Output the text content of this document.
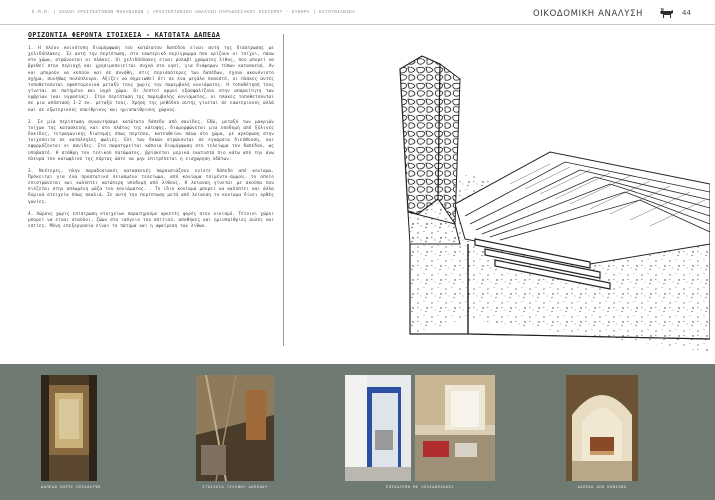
Ε.Μ.Π. | ΣΧΟΛΗ ΑΡΧΙΤΕΚΤΟΝΩΝ ΜΗΧΑΝΙΚΩΝ | ΑΡΧΙΤΕΚΤΟΝΙΚΗ ΑΝΑΛΥΣΗ ΠΑΡΑΔΟΣΙΑΚΟΥ ΟΙΚΙΣΜΟΥ - ΚΥΘΗΡΑ | ΚΑΤΟΥΝΙΑΝΙΚΑ	ΟΙΚΟΔΟΜΙΚΗ ΑΝΑΛΥΣΗ	44
ΟΡΙΖΟΝΤΙΑ ΦΕΡΟΝΤΑ ΣΤΟΙΧΕΙΑ - ΚΑΤΩΤΑΤΑ ΔΑΠΕΔΑ

1. Η πλέον κοινότυπη διαμόρφωση του κατώτατου δαπέδου είναι αυτή της διάστρωσης με χελιδόπλακες. Σε αυτή την περίπτωση, στο εσωτερικό περίγραμμα που ορίζουν οι τοίχοι, πάνω στο χώμα, στρώνονται οι πλάκες. Οι χελιδόπλακες είναι μολαβί χρώματος λίθος, που μπορεί να βρεθεί στην περιοχή και χρησιμοποιείται συχνά στο νησί, για διάφορων τύπων κατασκευή. Αν και μπορούν να κοπούν και σε συνήθη, στις περισσότερες των δαπέδων, έχουν ακανόνιστο σχήμα, συνήθως πολύπλευρο. Αξίζει να σημειωθεί ότι σε ένα μεγάλο ποσοστό, οι πλάκες αυτές τοποθετούνται εφαπτομενικά μεταξύ τους χωρίς την παρεμβολή κονιάματος. Η τοποθέτησή τους γίνεται σε πατημένο και υγρό χώμα. Οι λεπτοί αρμοί εξασφαλίζουν στην απαραίτητη των ομβρίων (και υγρασίας). Στην περίπτωση της παρεμβολής κονιάματος, οι πλάκες τοποθετούνται σε μια απόσταση 1-2 εκ. μεταξύ τους. Χρήση της μεθόδου αυτής γίνεται σε εσωτερικούς αλλά και σε εξωτερικούς υπαίθριους και ημιυπαίθριους χώρους.

2. Σε μία περίπτωση συναντήσαμε κατώτατο δάπεδο από σανίδες. Εδώ, μεταξύ των μακριών τοίχων της κατασκευής και στο πλάτος της κάτοψης, διαμορφώνεται μια υποδομή από ξύλινες δοκίδες, τετραγωνικής διατομής όπως περίπου, κατευθείαν πάνω στο χώμα, με αγκύρωση στην τοιχοποιία σε κατάλληλες φωλιές. Επί των δοκών στρώνονται σε εγκάρσια διεύθυνση, και εφαρμόζονται οι σανίδες. Στο παρατηρείται κάποια διαμόρφωση στο τελείωμα του δαπέδου, ως υποβαστό. Η στάθμη του τελικού πατώματος, βρίσκεται μερικά εκατοστά πιο κάτω από την άνω πλευρά του κατωφλιού της πόρτας ώστε να μην επιτρέπεται η εισχώρηση υδάτων.

3. Νεότερες, πλην παραδοσιακές κατασκευές παρουσιάζουν ενίοτε δάπεδο από κονίαμα. Πρόκειται για ένα προστατικό λειασμένο τελείωμα, από κονίαμα τσιμέντο-άμμου, το οποίο επιστρώνεται και καλύπτει κατώτερη υποδομή από λίθους. Η λείανση γίνεται με σκούπα που πιέζεται στην απλωμένη μάζα του κονιάματος. . Το ίδιο κονίαμα μπορεί να καλύπτει και άλλα δομικά στοιχεία όπως σκαλιά. Σε αυτή την περίπτωση μετά από λείανση το κονίαμα δίνει ορθές γωνίες.

4. Χώρους χωρίς επίστρωση στοιχείων παρατηρούμε αρκετές φορές στον οικισμό. Τέτοιοι χώροι μπορεί να είναι σταύλοι, ζώων στο ισόγειο του σπιτιού, αποθήκες και ημιυπαίθριες αυλές και εστίες. Μόνη επεξεργασία είναι το πάτημα και η αφαίρεση των λίθων.

ΔΑΠΕΔΟ ΧΩΡΙΣ ΕΠΙΚΑΛΥΨΗ	ΣΤΟΙΧΕΙΑ ΞΥΛΙΝΟΥ ΔΑΠΕΔΟΥ	ΕΠΙΚΑΛΥΨΗ ΜΕ ΧΕΛΙΔΟΠΛΑΚΕΣ	ΔΑΠΕΔΟ ΑΠΟ ΚΟΝΙΑΜΑ
